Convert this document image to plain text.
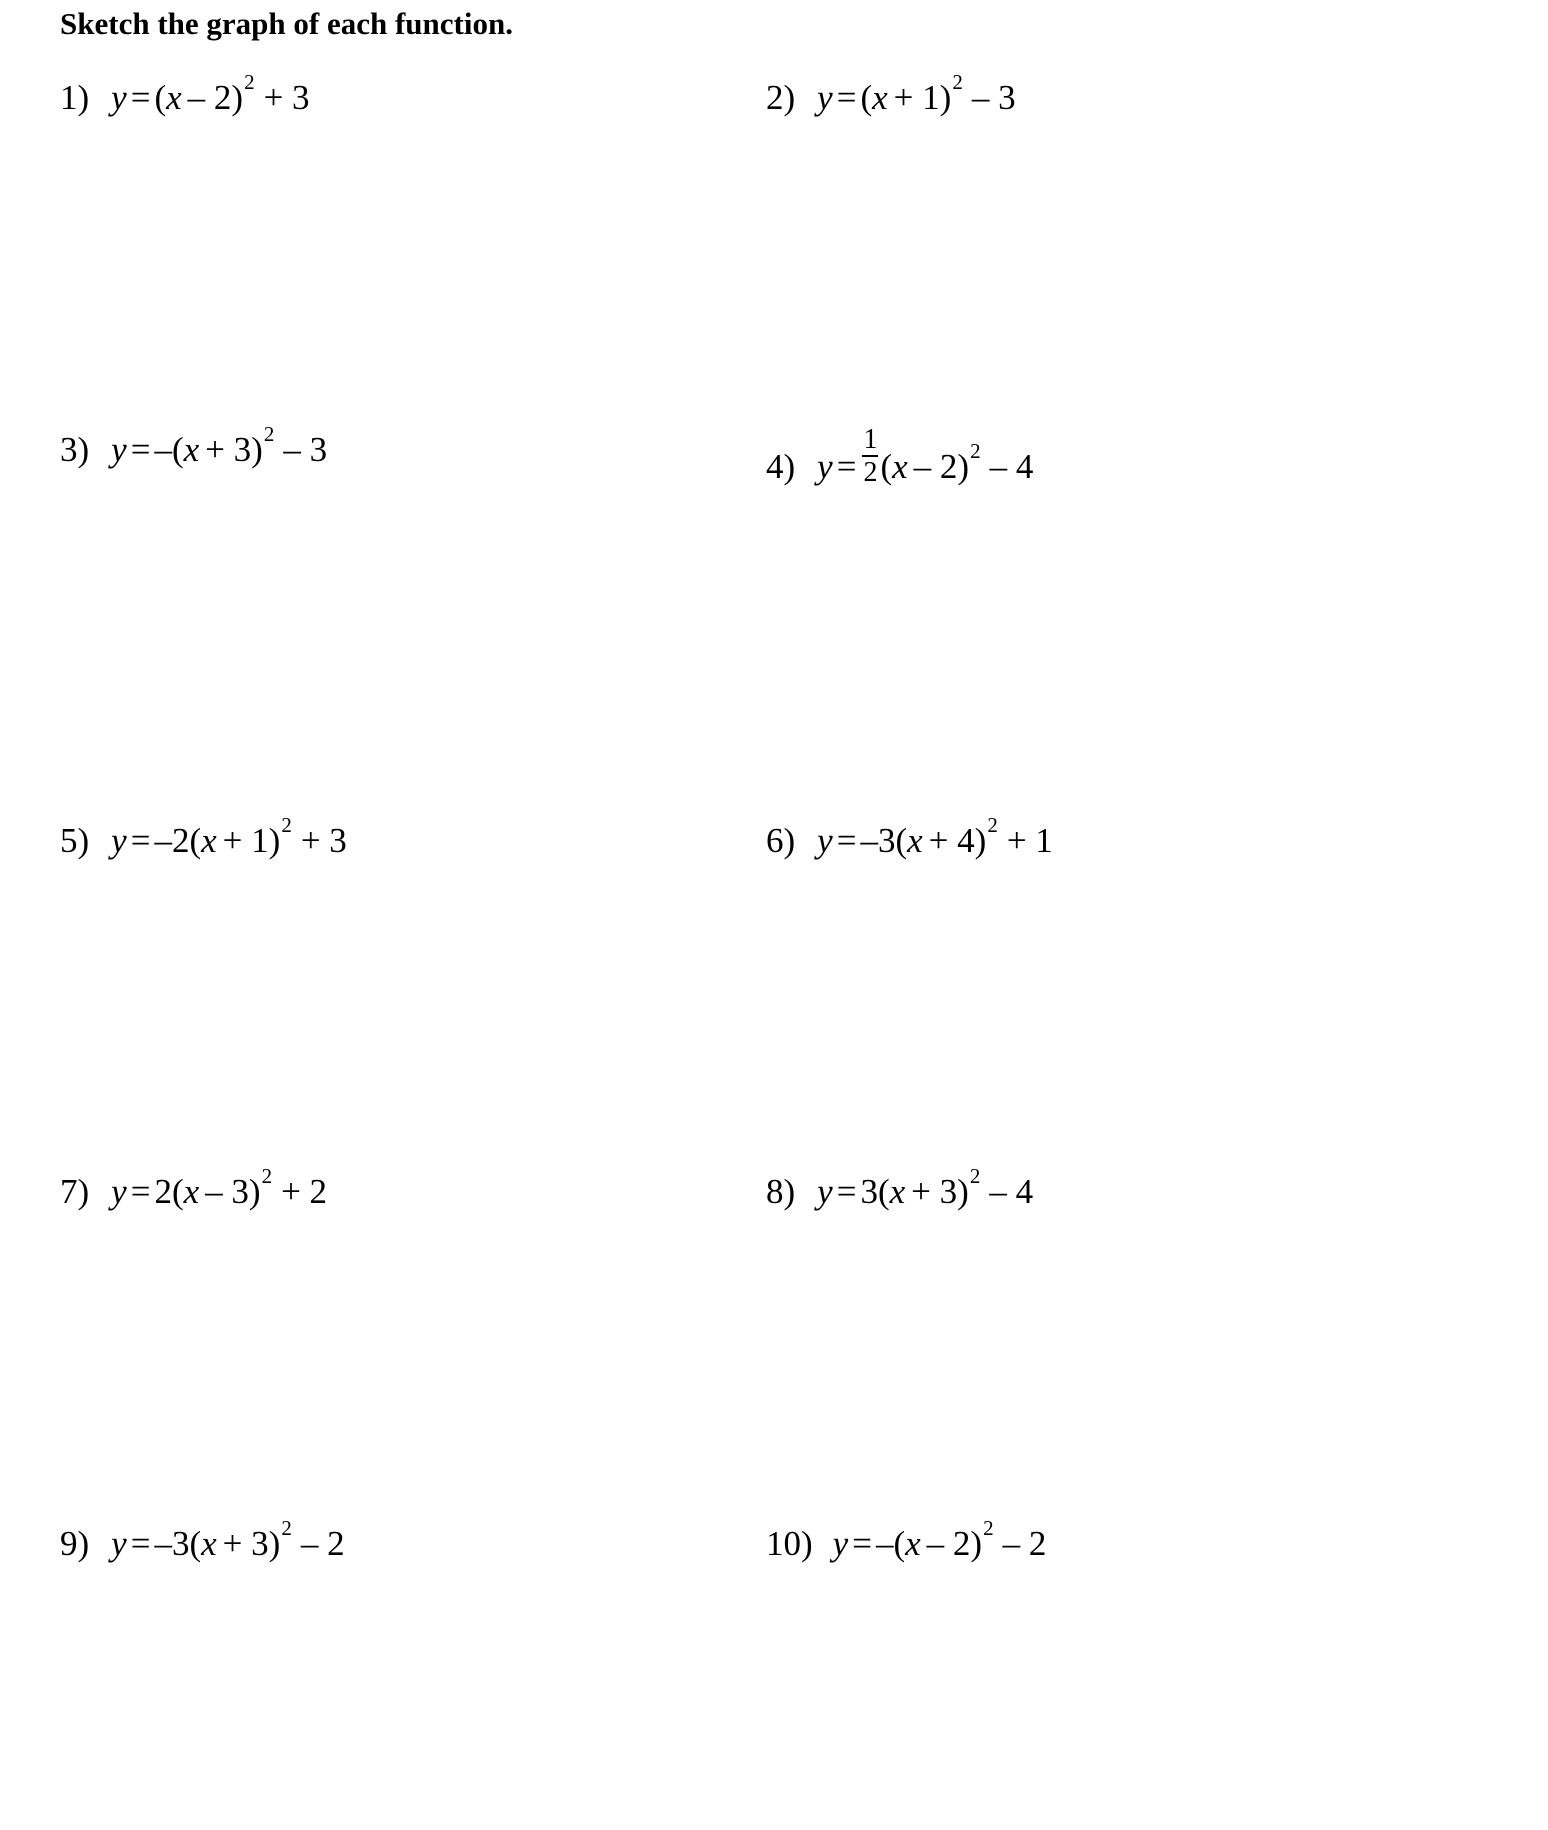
Sketch the graph of each function.
1) y = ( x – 2) 2 + 3	2) y = ( x + 1) 2 – 3
3) y = –( x + 3) 2 – 3	4) $y = \frac{1}{2}$ ( x – 2) 2 – 4
5) y = –2( x + 1) 2 + 3	6) y = –3( x + 4) 2 + 1
7) y = 2( x – 3) 2 + 2	8) y = 3( x + 3) 2 – 4
9) y = –3( x + 3) 2 – 2	10) y = –( x – 2) 2 – 2
